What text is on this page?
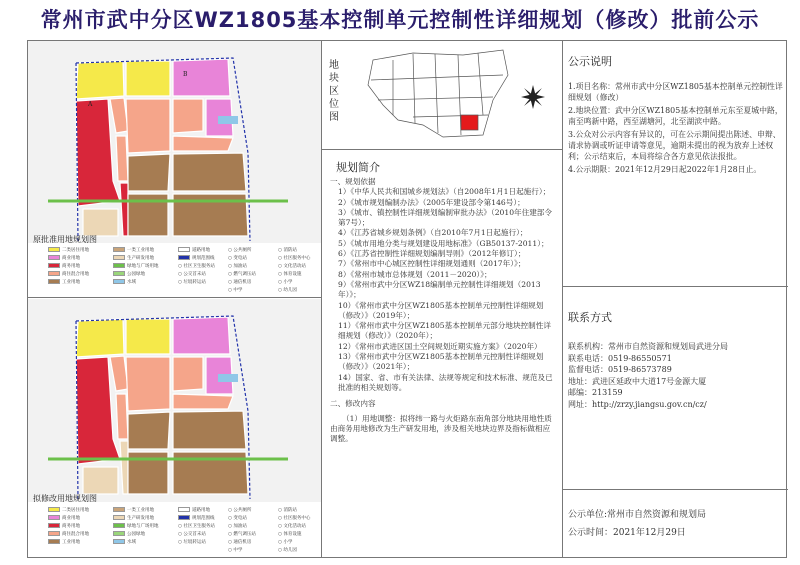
常州市武中分区WZ1805基本控制单元控制性详细规划（修改）批前公示
A
B
原批准用地规划图
二类居住用地
商业用地
商务用地
商住混合用地
工业用地
一类工业用地
生产研发用地
绿地与广场用地
公园绿地
水域
道路用地
规划范围线
○ 社区卫生服务站
○ 公交首末站
○ 垃圾转运站
○ 公共厕所
○ 变电站
○ 加油站
○ 燃气调压站
○ 通信机房
○ 消防站
○ 社区服务中心
○ 文化活动站
○ 体育设施
○ 小学
○ 幼儿园
○ 中学
拟修改用地规划图
二类居住用地
商业用地
商务用地
商住混合用地
工业用地
一类工业用地
生产研发用地
绿地与广场用地
公园绿地
水域
道路用地
规划范围线
○ 社区卫生服务站
○ 公交首末站
○ 垃圾转运站
○ 公共厕所
○ 变电站
○ 加油站
○ 燃气调压站
○ 通信机房
○ 消防站
○ 社区服务中心
○ 文化活动站
○ 体育设施
○ 小学
○ 幼儿园
○ 中学
地
块
区
位
图
规划简介

一、规划依据

1）《中华人民共和国城乡规划法》（自2008年1月1日起施行）；

2）《城市规划编制办法》（2005年建设部令第146号）；

3）《城市、镇控制性详细规划编制审批办法》（2010年住建部令第7号）；

4）《江苏省城乡规划条例》（自2010年7月1日起施行）；

5）《城市用地分类与规划建设用地标准》（GB50137-2011）；

6）《江苏省控制性详细规划编制导则》（2012年修订）；

7）《常州市中心城区控制性详细规划通则（2017年）》；

8）《常州市城市总体规划（2011－2020）》；

9）《常州市武中分区WZ18编制单元控制性详细规划（2013年）》；

10）《常州市武中分区WZ1805基本控制单元控制性详细规划（修改）》（2019年）；

11）《常州市武中分区WZ1805基本控制单元部分地块控制性详细规划（修改）》（2020年）；

12）《常州市武进区国土空间规划近期实施方案》（2020年）

13）《常州市武中分区WZ1805基本控制单元控制性详细规划（修改）》（2021年）；

14）国家、省、市有关法律、法规等规定和技术标准、规范及已批准的相关规划等。

二、修改内容

（1）用地调整：拟将纬一路与火炬路东南角部分地块用地性质由商务用地修改为生产研发用地，涉及相关地块边界及指标做相应调整。

公示说明

1.项目名称：常州市武中分区WZ1805基本控制单元控制性详细规划（修改）

2.地块位置：武中分区WZ1805基本控制单元东至夏城中路，南至鸣新中路，西至湖塘河，北至湖滨中路。

3.公众对公示内容有异议的，可在公示期间提出陈述、申辩、请求协调或听证申请等意见，逾期未提出的视为放弃上述权利；公示结束后，本局将综合各方意见依法报批。

4.公示期限：2021年12月29日起2022年1月28日止。

联系方式

联系机构：常州市自然资源和规划局武进分局

联系电话：0519-86550571

监督电话：0519-86573789

地址：武进区延政中大道17号金源大厦

邮编：213159

网址：http://zrzy.jiangsu.gov.cn/cz/

公示单位:常州市自然资源和规划局
公示时间：2021年12月29日
